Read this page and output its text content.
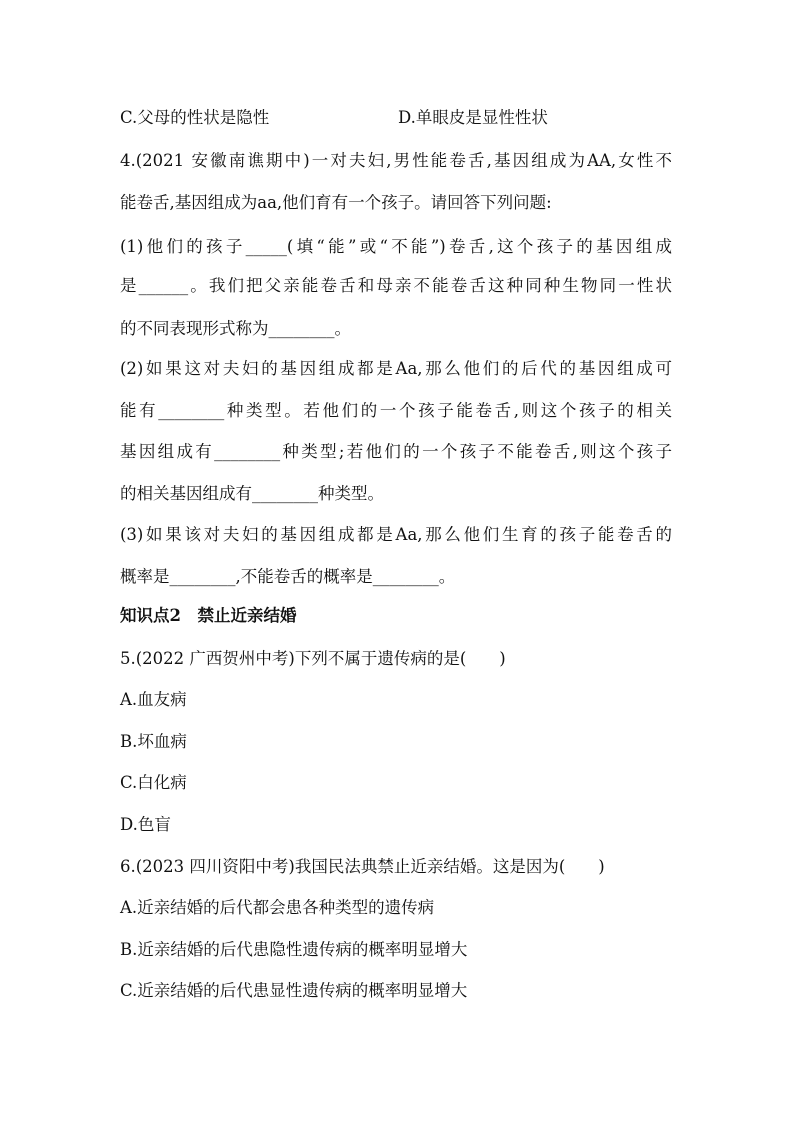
C.父母的性状是隐性	D.单眼皮是显性性状
4.(2021 安徽南谯期中)一对夫妇,男性能卷舌,基因组成为AA,女性不
能卷舌,基因组成为aa,他们育有一个孩子。请回答下列问题:
(1)他们的孩子_____(填“能”或“不能”)卷舌,这个孩子的基因组成
是______。我们把父亲能卷舌和母亲不能卷舌这种同种生物同一性状
的不同表现形式称为________。
(2)如果这对夫妇的基因组成都是Aa,那么他们的后代的基因组成可
能有________种类型。若他们的一个孩子能卷舌,则这个孩子的相关
基因组成有________种类型;若他们的一个孩子不能卷舌,则这个孩子
的相关基因组成有________种类型。
(3)如果该对夫妇的基因组成都是Aa,那么他们生育的孩子能卷舌的
概率是________,不能卷舌的概率是________。
知识点2　禁止近亲结婚
5.(2022 广西贺州中考)下列不属于遗传病的是(　　)
A.血友病
B.坏血病
C.白化病
D.色盲
6.(2023 四川资阳中考)我国民法典禁止近亲结婚。这是因为(　　)
A.近亲结婚的后代都会患各种类型的遗传病
B.近亲结婚的后代患隐性遗传病的概率明显增大
C.近亲结婚的后代患显性遗传病的概率明显增大
